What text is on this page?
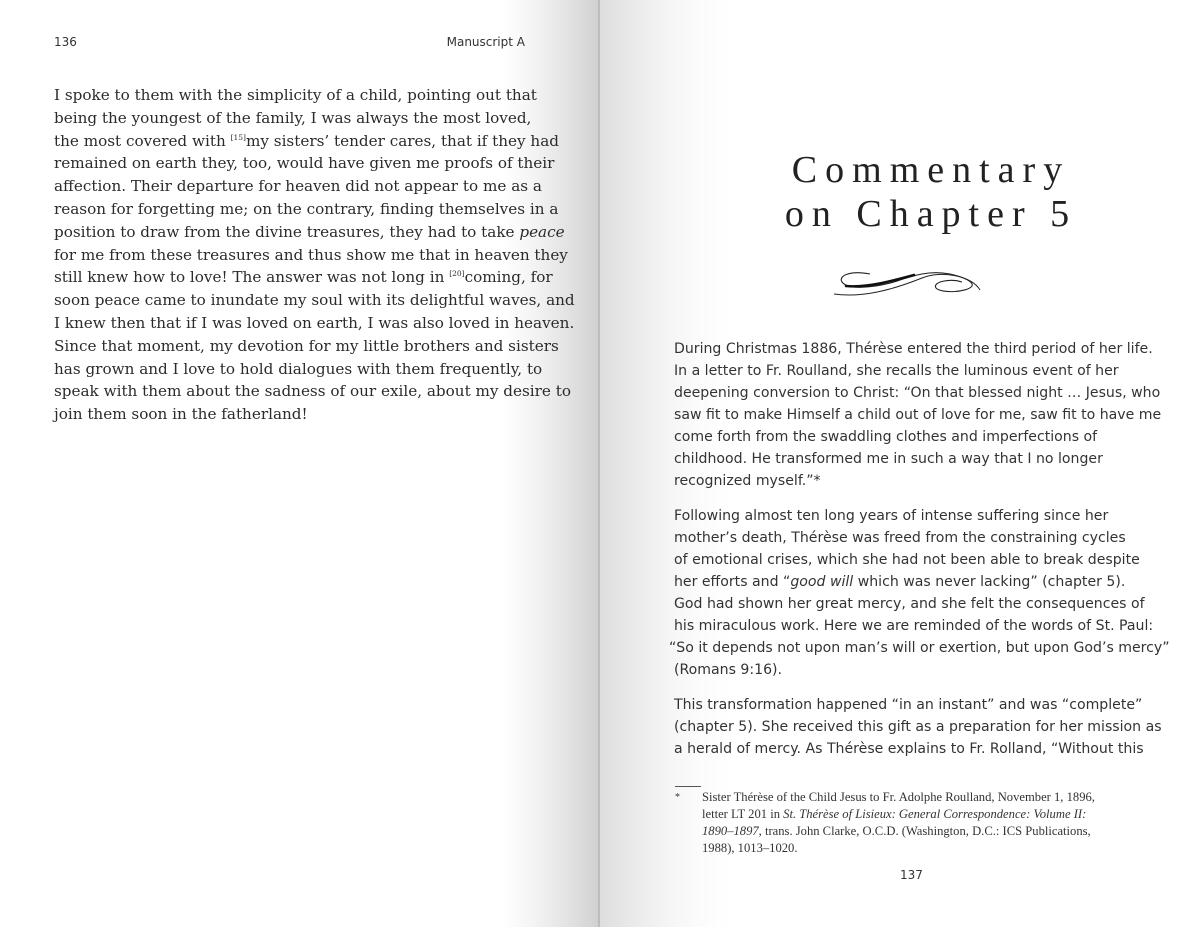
136	Manuscript A
I spoke to them with the simplicity of a child, pointing out that
being the youngest of the family, I was always the most loved,
the most covered with [15]my sisters’ tender cares, that if they had
remained on earth they, too, would have given me proofs of their
affection. Their departure for heaven did not appear to me as a
reason for forgetting me; on the contrary, finding themselves in a
position to draw from the divine treasures, they had to take peace
for me from these treasures and thus show me that in heaven they
still knew how to love! The answer was not long in [20]coming, for
soon peace came to inundate my soul with its delightful waves, and
I knew then that if I was loved on earth, I was also loved in heaven.
Since that moment, my devotion for my little brothers and sisters
has grown and I love to hold dialogues with them frequently, to
speak with them about the sadness of our exile, about my desire to
join them soon in the fatherland!
Commentary
on Chapter 5

During Christmas 1886, Thérèse entered the third period of her life.
In a letter to Fr. Roulland, she recalls the luminous event of her
deepening conversion to Christ: “On that blessed night … Jesus, who
saw fit to make Himself a child out of love for me, saw fit to have me
come forth from the swaddling clothes and imperfections of
childhood. He transformed me in such a way that I no longer
recognized myself.”*

Following almost ten long years of intense suffering since her
mother’s death, Thérèse was freed from the constraining cycles
of emotional crises, which she had not been able to break despite
her efforts and “good will which was never lacking” (chapter 5).
God had shown her great mercy, and she felt the consequences of
his miraculous work. Here we are reminded of the words of St. Paul:
“So it depends not upon man’s will or exertion, but upon God’s mercy”
(Romans 9:16).

This transformation happened “in an instant” and was “complete”
(chapter 5). She received this gift as a preparation for her mission as
a herald of mercy. As Thérèse explains to Fr. Rolland, “Without this

* Sister Thérèse of the Child Jesus to Fr. Adolphe Roulland, November 1, 1896,
letter LT 201 in St. Thérèse of Lisieux: General Correspondence: Volume II:
1890–1897, trans. John Clarke, O.C.D. (Washington, D.C.: ICS Publications,
1988), 1013–1020.
137
